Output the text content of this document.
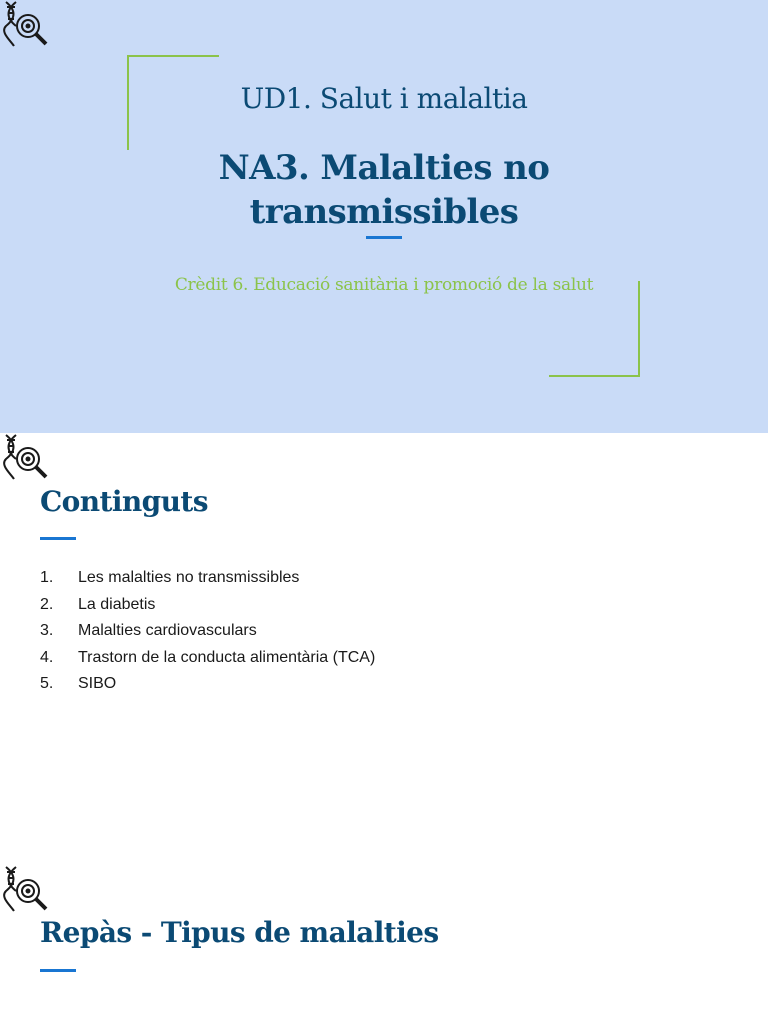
UD1. Salut i malaltia
NA3. Malalties no transmissibles
Crèdit 6. Educació sanitària i promoció de la salut
Continguts
1.	Les malalties no transmissibles
2.	La diabetis
3.	Malalties cardiovasculars
4.	Trastorn de la conducta alimentària (TCA)
5.	SIBO
Repàs - Tipus de malalties
